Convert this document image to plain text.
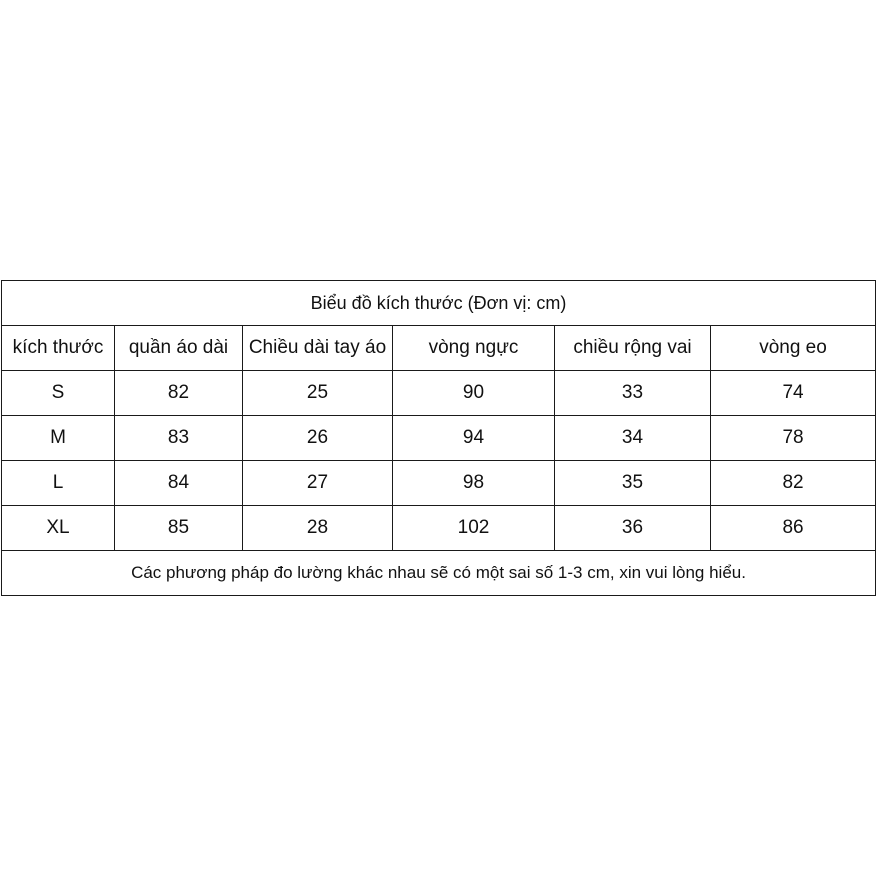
Biểu đồ kích thước (Đơn vị: cm)					
kích thước	quần áo dài	Chiều dài tay áo	vòng ngực	chiều rộng vai	vòng eo
S	82	25	90	33	74
M	83	26	94	34	78
L	84	27	98	35	82
XL	85	28	102	36	86
Các phương pháp đo lường khác nhau sẽ có một sai số 1-3 cm, xin vui lòng hiểu.					
